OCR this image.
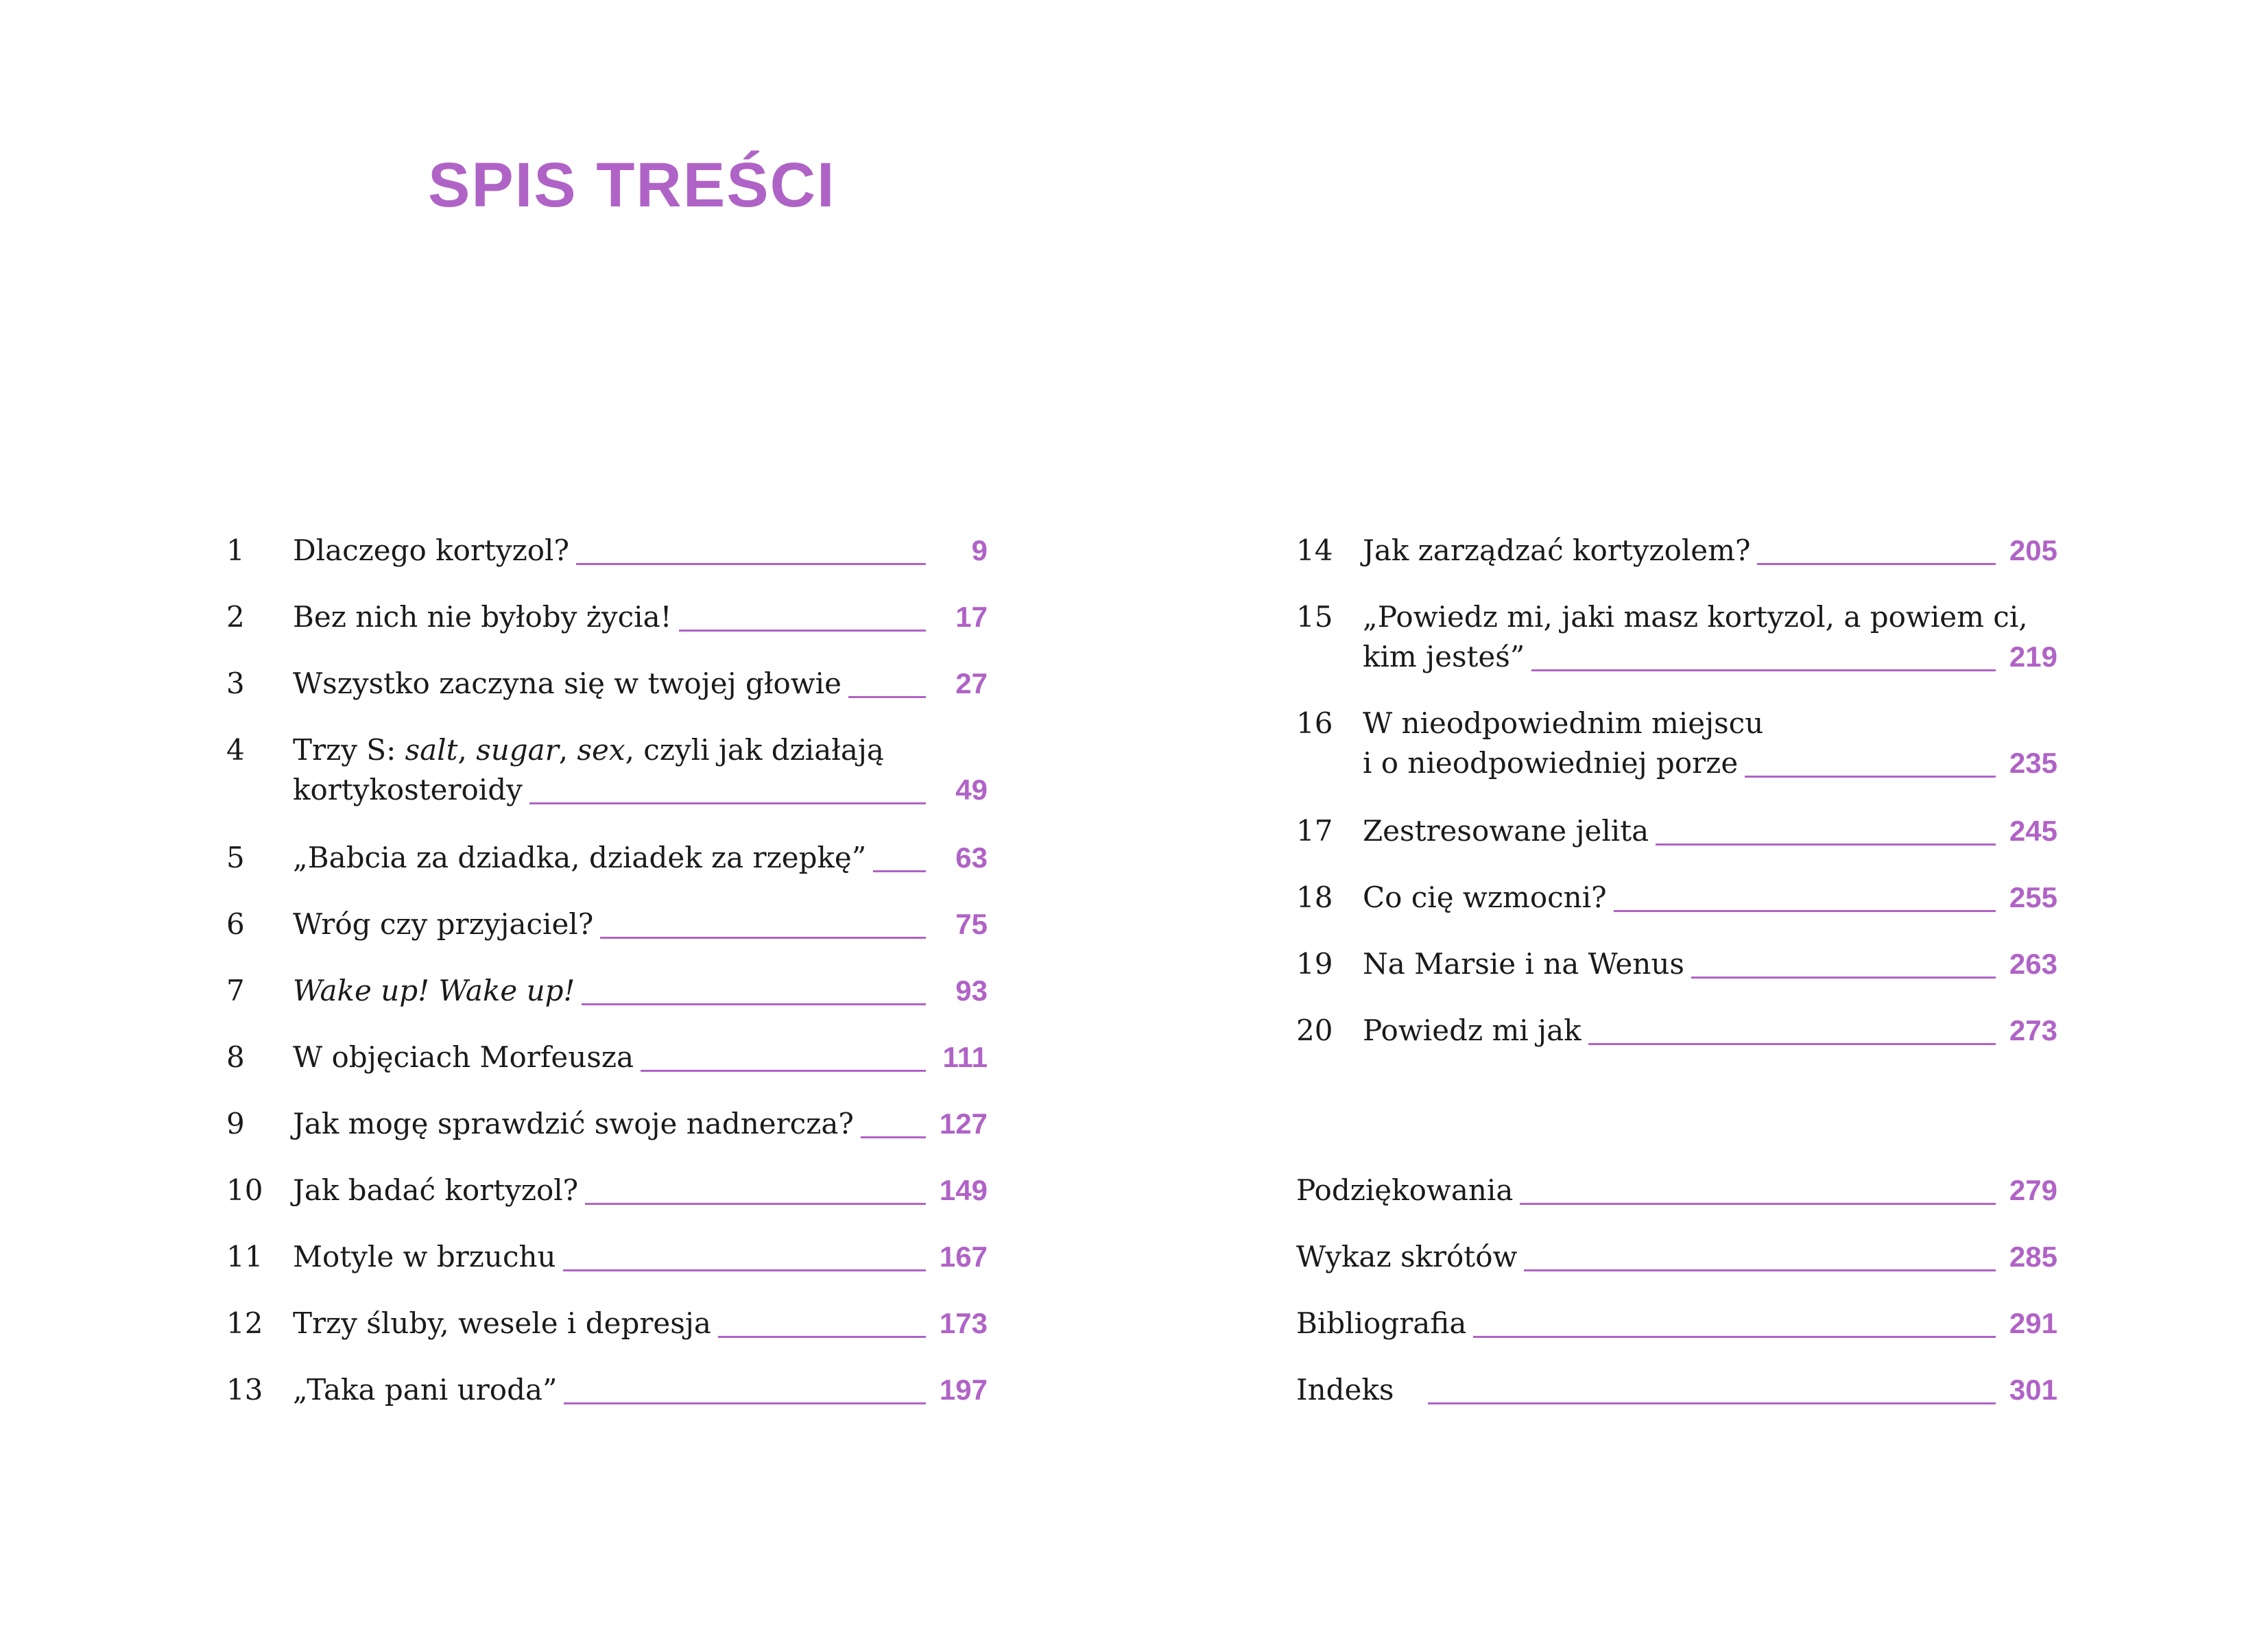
SPIS TREŚCI
1 Dlaczego kortyzol?	9
2 Bez nich nie byłoby życia!	17
3 Wszystko zaczyna się w twojej głowie	27
4 Trzy S: salt, sugar, sex, czyli jak działają
kortykosteroidy	49
5 „Babcia za dziadka, dziadek za rzepkę”	63
6 Wróg czy przyjaciel?	75
7 Wake up! Wake up!	93
8 W objęciach Morfeusza	111
9 Jak mogę sprawdzić swoje nadnercza?	127
10 Jak badać kortyzol?	149
11 Motyle w brzuchu	167
12 Trzy śluby, wesele i depresja	173
13 „Taka pani uroda”	197
14 Jak zarządzać kortyzolem?	205
15 „Powiedz mi, jaki masz kortyzol, a powiem ci,
kim jesteś”	219
16 W nieodpowiednim miejscu
i o nieodpowiedniej porze	235
17 Zestresowane jelita	245
18 Co cię wzmocni?	255
19 Na Marsie i na Wenus	263
20 Powiedz mi jak	273
Podziękowania	279
Wykaz skrótów	285
Bibliografia	291
Indeks	301
